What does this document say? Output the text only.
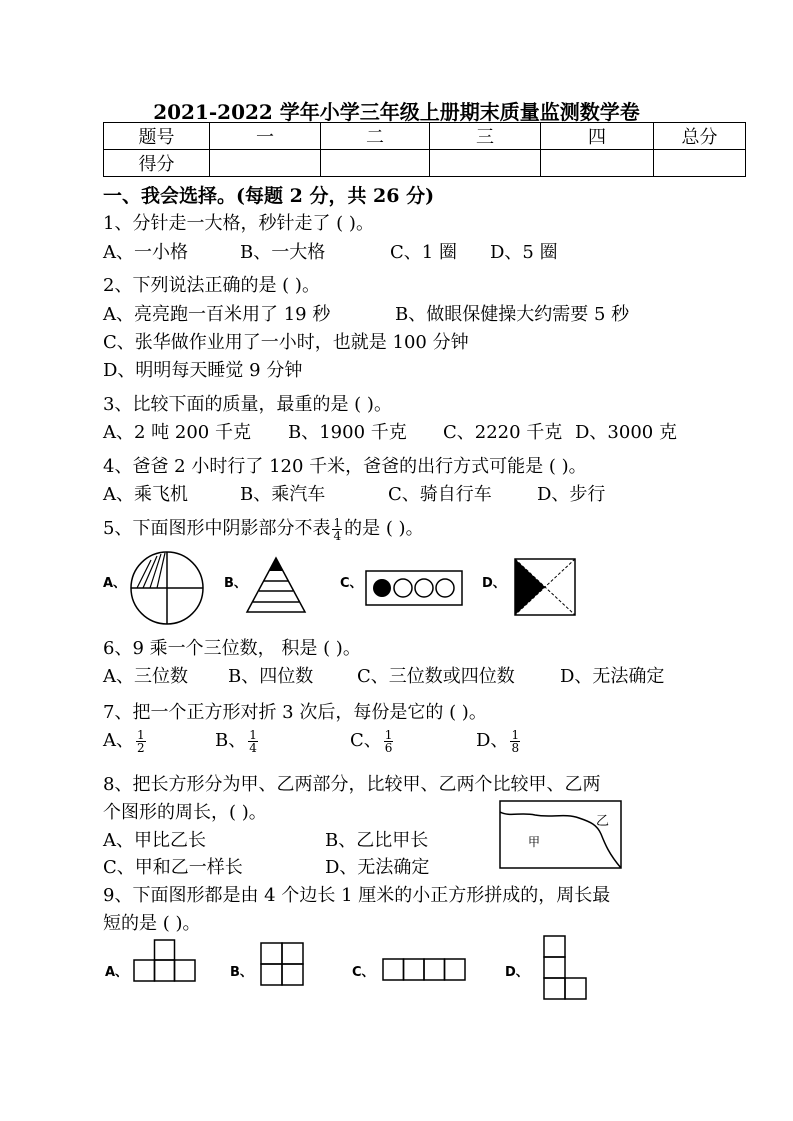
2021-2022 学年小学三年级上册期末质量监测数学卷
题号	一	二	三	四	总分
得分					
一、我会选择。(每题 2 分，共 26 分)
1、分针走一大格，秒针走了 ( )。
A、一小格	B、一大格	C、1 圈 D、5 圈
2、下列说法正确的是 ( )。
A、亮亮跑一百米用了 19 秒	B、做眼保健操大约需要 5 秒
C、张华做作业用了一小时，也就是 100 分钟
D、明明每天睡觉 9 分钟
3、比较下面的质量，最重的是 ( )。
A、2 吨 200 千克 B、1900 千克 C、2220 千克 D、3000 克
4、爸爸 2 小时行了 120 千米，爸爸的出行方式可能是 ( )。
A、乘飞机	B、乘汽车	C、骑自行车	D、步行
5、下面图形中阴影部分不表 $\frac{1}{4}$ 的是 ( )。
A、	B、	C、	D、
6、9 乘一个三位数， 积是 ( )。
A、三位数 B、四位数 C、三位数或四位数	D、无法确定
7、把一个正方形对折 3 次后，每份是它的 ( )。
A、 $\frac{1}{2}$	B、 $\frac{1}{4}$	C、 $\frac{1}{6}$	D、 $\frac{1}{8}$
8、把长方形分为甲、乙两部分，比较甲、乙两个比较甲、乙两
个图形的周长，( )。
A、甲比乙长	B、乙比甲长
C、甲和乙一样长	D、无法确定
甲
乙
9、下面图形都是由 4 个边长 1 厘米的小正方形拼成的，周长最
短的是 ( )。
A、	B、	C、	D、
